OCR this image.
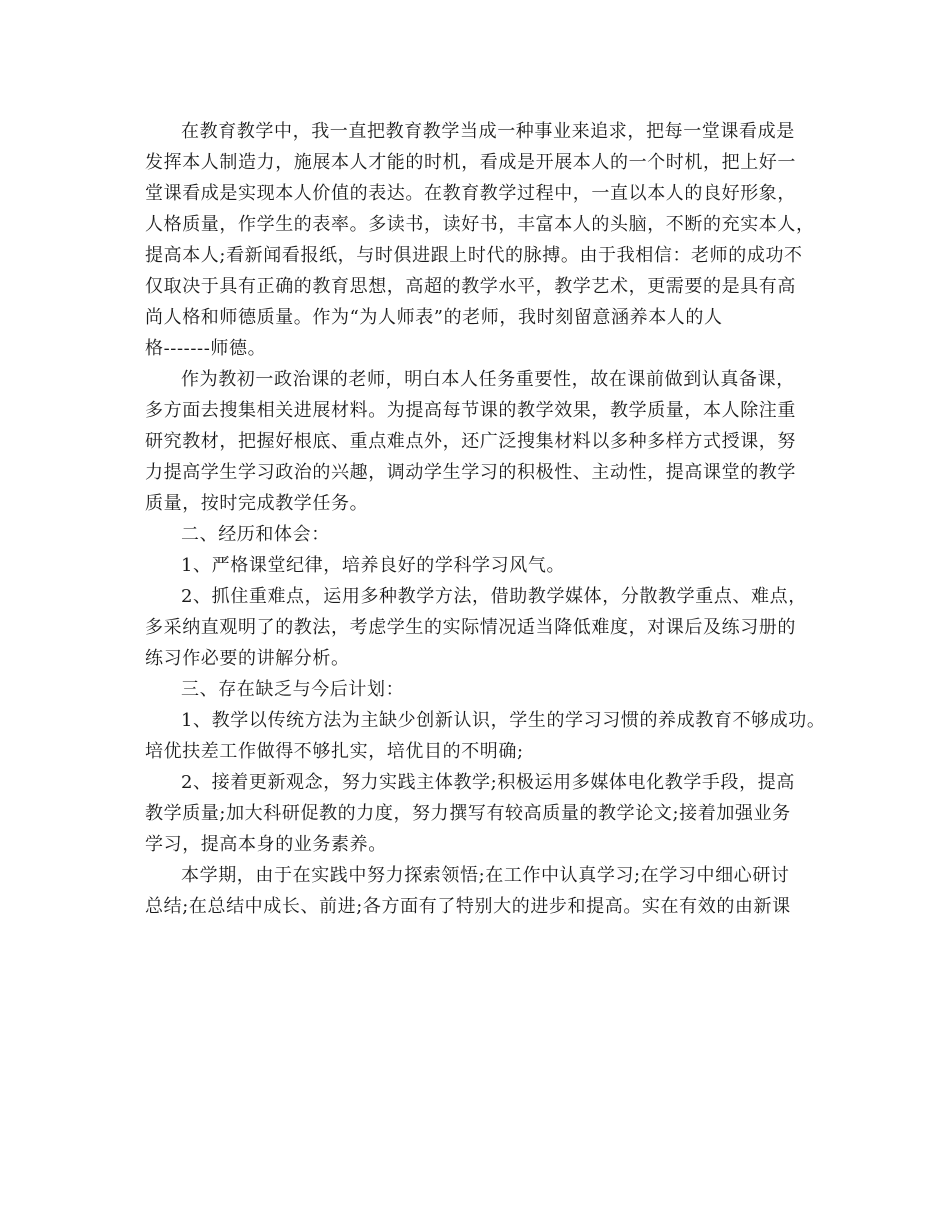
在教育教学中，我一直把教育教学当成一种事业来追求，把每一堂课看成是
发挥本人制造力，施展本人才能的时机，看成是开展本人的一个时机，把上好一
堂课看成是实现本人价值的表达。在教育教学过程中，一直以本人的良好形象，
人格质量，作学生的表率。多读书，读好书，丰富本人的头脑，不断的充实本人，
提高本人;看新闻看报纸，与时俱进跟上时代的脉搏。由于我相信：老师的成功不
仅取决于具有正确的教育思想，高超的教学水平，教学艺术，更需要的是具有高
尚人格和师德质量。作为“为人师表”的老师，我时刻留意涵养本人的人
格-------师德。
作为教初一政治课的老师，明白本人任务重要性，故在课前做到认真备课，
多方面去搜集相关进展材料。为提高每节课的教学效果，教学质量，本人除注重
研究教材，把握好根底、重点难点外，还广泛搜集材料以多种多样方式授课，努
力提高学生学习政治的兴趣，调动学生学习的积极性、主动性，提高课堂的教学
质量，按时完成教学任务。
二、经历和体会：
1、严格课堂纪律，培养良好的学科学习风气。
2、抓住重难点，运用多种教学方法，借助教学媒体，分散教学重点、难点，
多采纳直观明了的教法，考虑学生的实际情况适当降低难度，对课后及练习册的
练习作必要的讲解分析。
三、存在缺乏与今后计划：
1、教学以传统方法为主缺少创新认识，学生的学习习惯的养成教育不够成功。
培优扶差工作做得不够扎实，培优目的不明确;
2、接着更新观念，努力实践主体教学;积极运用多媒体电化教学手段，提高
教学质量;加大科研促教的力度，努力撰写有较高质量的教学论文;接着加强业务
学习，提高本身的业务素养。
本学期，由于在实践中努力探索领悟;在工作中认真学习;在学习中细心研讨
总结;在总结中成长、前进;各方面有了特别大的进步和提高。实在有效的由新课
